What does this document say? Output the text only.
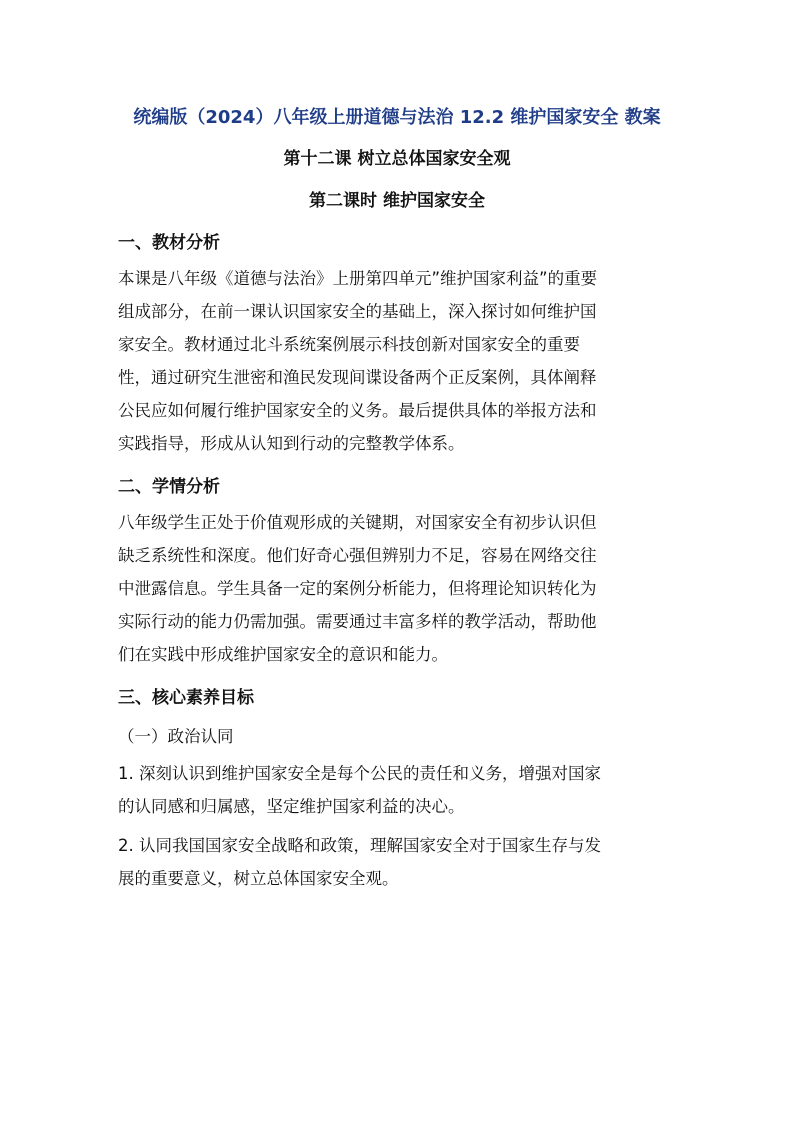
统编版（2024）八年级上册道德与法治 12.2 维护国家安全 教案
第十二课 树立总体国家安全观
第二课时 维护国家安全
一、教材分析
本课是八年级《道德与法治》上册第四单元”维护国家利益”的重要
组成部分，在前一课认识国家安全的基础上，深入探讨如何维护国
家安全。教材通过北斗系统案例展示科技创新对国家安全的重要
性，通过研究生泄密和渔民发现间谍设备两个正反案例，具体阐释
公民应如何履行维护国家安全的义务。最后提供具体的举报方法和
实践指导，形成从认知到行动的完整教学体系。
二、学情分析
八年级学生正处于价值观形成的关键期，对国家安全有初步认识但
缺乏系统性和深度。他们好奇心强但辨别力不足，容易在网络交往
中泄露信息。学生具备一定的案例分析能力，但将理论知识转化为
实际行动的能力仍需加强。需要通过丰富多样的教学活动，帮助他
们在实践中形成维护国家安全的意识和能力。
三、核心素养目标
（一）政治认同
1. 深刻认识到维护国家安全是每个公民的责任和义务，增强对国家
的认同感和归属感，坚定维护国家利益的决心。
2. 认同我国国家安全战略和政策，理解国家安全对于国家生存与发
展的重要意义，树立总体国家安全观。
